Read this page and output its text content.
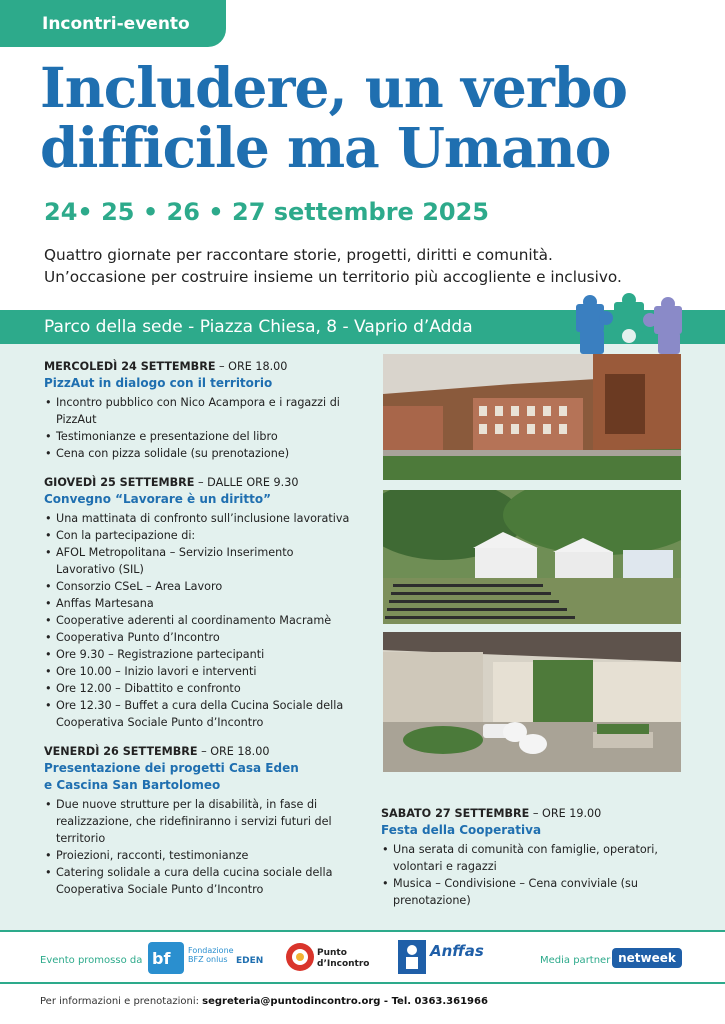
Incontri-evento
Includere, un verbo
difficile ma Umano
24• 25 • 26 • 27 settembre 2025
Quattro giornate per raccontare storie, progetti, diritti e comunità.
Un’occasione per costruire insieme un territorio più accogliente e inclusivo.
Parco della sede - Piazza Chiesa, 8 - Vaprio d’Adda
MERCOLEDÌ 24 SETTEMBRE – ORE 18.00
PizzAut in dialogo con il territorio
• Incontro pubblico con Nico Acampora e i ragazzi di PizzAut
• Testimonianze e presentazione del libro
• Cena con pizza solidale (su prenotazione)
GIOVEDÌ 25 SETTEMBRE – DALLE ORE 9.30
Convegno “Lavorare è un diritto”
• Una mattinata di confronto sull’inclusione lavorativa
• Con la partecipazione di:
• AFOL Metropolitana – Servizio Inserimento Lavorativo (SIL)
• Consorzio CSeL – Area Lavoro
• Anffas Martesana
• Cooperative aderenti al coordinamento Macramè
• Cooperativa Punto d’Incontro
• Ore 9.30 – Registrazione partecipanti
• Ore 10.00 – Inizio lavori e interventi
• Ore 12.00 – Dibattito e confronto
• Ore 12.30 – Buffet a cura della Cucina Sociale della Cooperativa Sociale Punto d’Incontro
VENERDÌ 26 SETTEMBRE – ORE 18.00
Presentazione dei progetti Casa Eden
e Cascina San Bartolomeo
• Due nuove strutture per la disabilità, in fase di realizzazione, che ridefiniranno i servizi futuri del territorio
• Proiezioni, racconti, testimonianze
• Catering solidale a cura della cucina sociale della Cooperativa Sociale Punto d’Incontro
SABATO 27 SETTEMBRE – ORE 19.00
Festa della Cooperativa
• Una serata di comunità con famiglie, operatori, volontari e ragazzi
• Musica – Condivisione – Cena conviviale (su prenotazione)
Evento promosso da bf Fondazione BFZ onlus EDEN
Punto d’Incontro
Anffas
Media partner netweek
Per informazioni e prenotazioni: segreteria@puntodincontro.org - Tel. 0363.361966
